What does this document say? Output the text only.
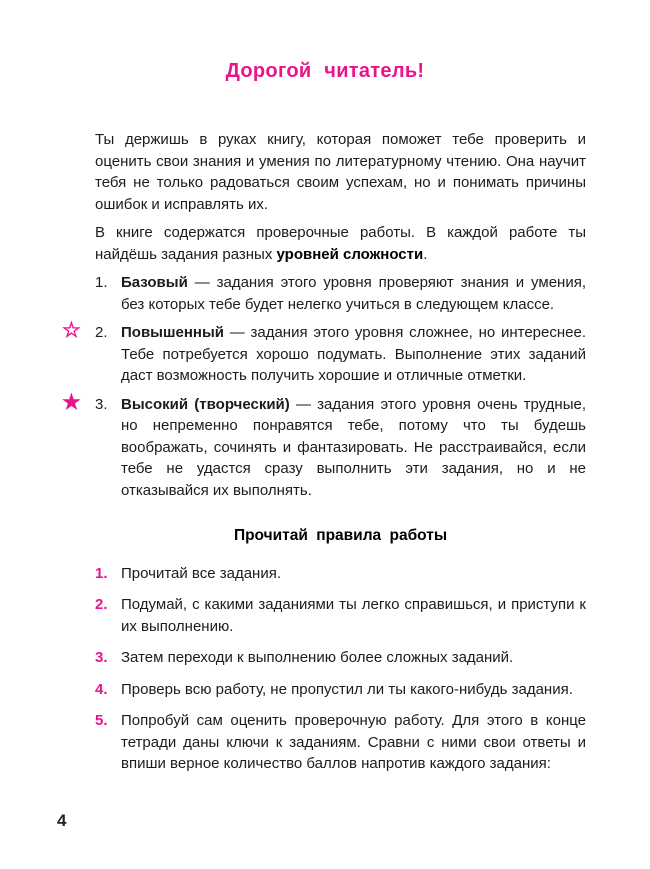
Дорогой читатель!

Ты держишь в руках книгу, которая поможет тебе проверить и оценить свои знания и умения по литературному чтению. Она научит тебя не только радоваться своим успехам, но и понимать причины ошибок и исправлять их.

В книге содержатся проверочные работы. В каждой работе ты найдёшь задания разных уровней сложности.

1. Базовый — задания этого уровня проверяют знания и умения, без которых тебе будет нелегко учиться в следующем классе.
☆ 2. Повышенный — задания этого уровня сложнее, но интереснее. Тебе потребуется хорошо подумать. Выполнение этих заданий даст возможность получить хорошие и отличные отметки.
★ 3. Высокий (творческий) — задания этого уровня очень трудные, но непременно понравятся тебе, потому что ты будешь воображать, сочинять и фантазировать. Не расстраивайся, если тебе не удастся сразу выполнить эти задания, но и не отказывайся их выполнять.
Прочитай правила работы
1. Прочитай все задания.
2. Подумай, с какими заданиями ты легко справишься, и приступи к их выполнению.
3. Затем переходи к выполнению более сложных заданий.
4. Проверь всю работу, не пропустил ли ты какого-нибудь задания.
5. Попробуй сам оценить проверочную работу. Для этого в конце тетради даны ключи к заданиям. Сравни с ними свои ответы и впиши верное количество баллов напротив каждого задания:
4
